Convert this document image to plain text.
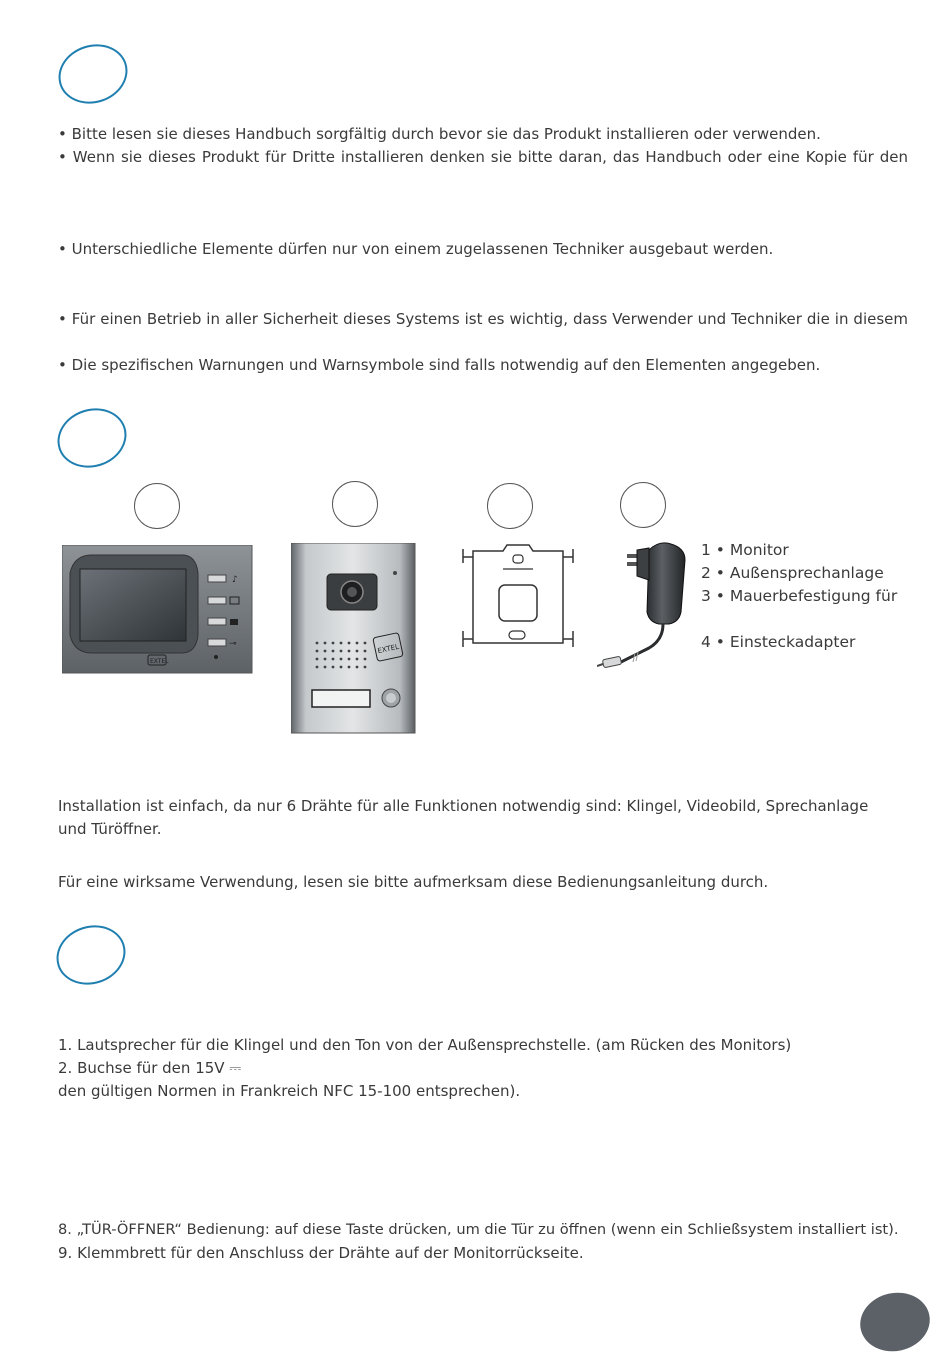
• Bitte lesen sie dieses Handbuch sorgfältig durch bevor sie das Produkt installieren oder verwenden.

• Wenn sie dieses Produkt für Dritte installieren denken sie bitte daran, das Handbuch oder eine Kopie für den

• Unterschiedliche Elemente dürfen nur von einem zugelassenen Techniker ausgebaut werden.

• Für einen Betrieb in aller Sicherheit dieses Systems ist es wichtig, dass Verwender und Techniker die in diesem

• Die spezifischen Warnungen und Warnsymbole sind falls notwendig auf den Elementen angegeben.

♪
⊸
EXTEL
EXTEL
1 • Monitor
2 • Außensprechanlage
3 • Mauerbefestigung für
4 • Einsteckadapter

Installation ist einfach, da nur 6 Drähte für alle Funktionen notwendig sind: Klingel, Videobild, Sprechanlage

und Türöffner.

Für eine wirksame Verwendung, lesen sie bitte aufmerksam diese Bedienungsanleitung durch.

1. Lautsprecher für die Klingel und den Ton von der Außensprechstelle. (am Rücken des Monitors)

2. Buchse für den 15V ⎓

den gültigen Normen in Frankreich NFC 15-100 entsprechen).

8. „TÜR-ÖFFNER“ Bedienung: auf diese Taste drücken, um die Tür zu öffnen (wenn ein Schließsystem installiert ist).

9. Klemmbrett für den Anschluss der Drähte auf der Monitorrückseite.
